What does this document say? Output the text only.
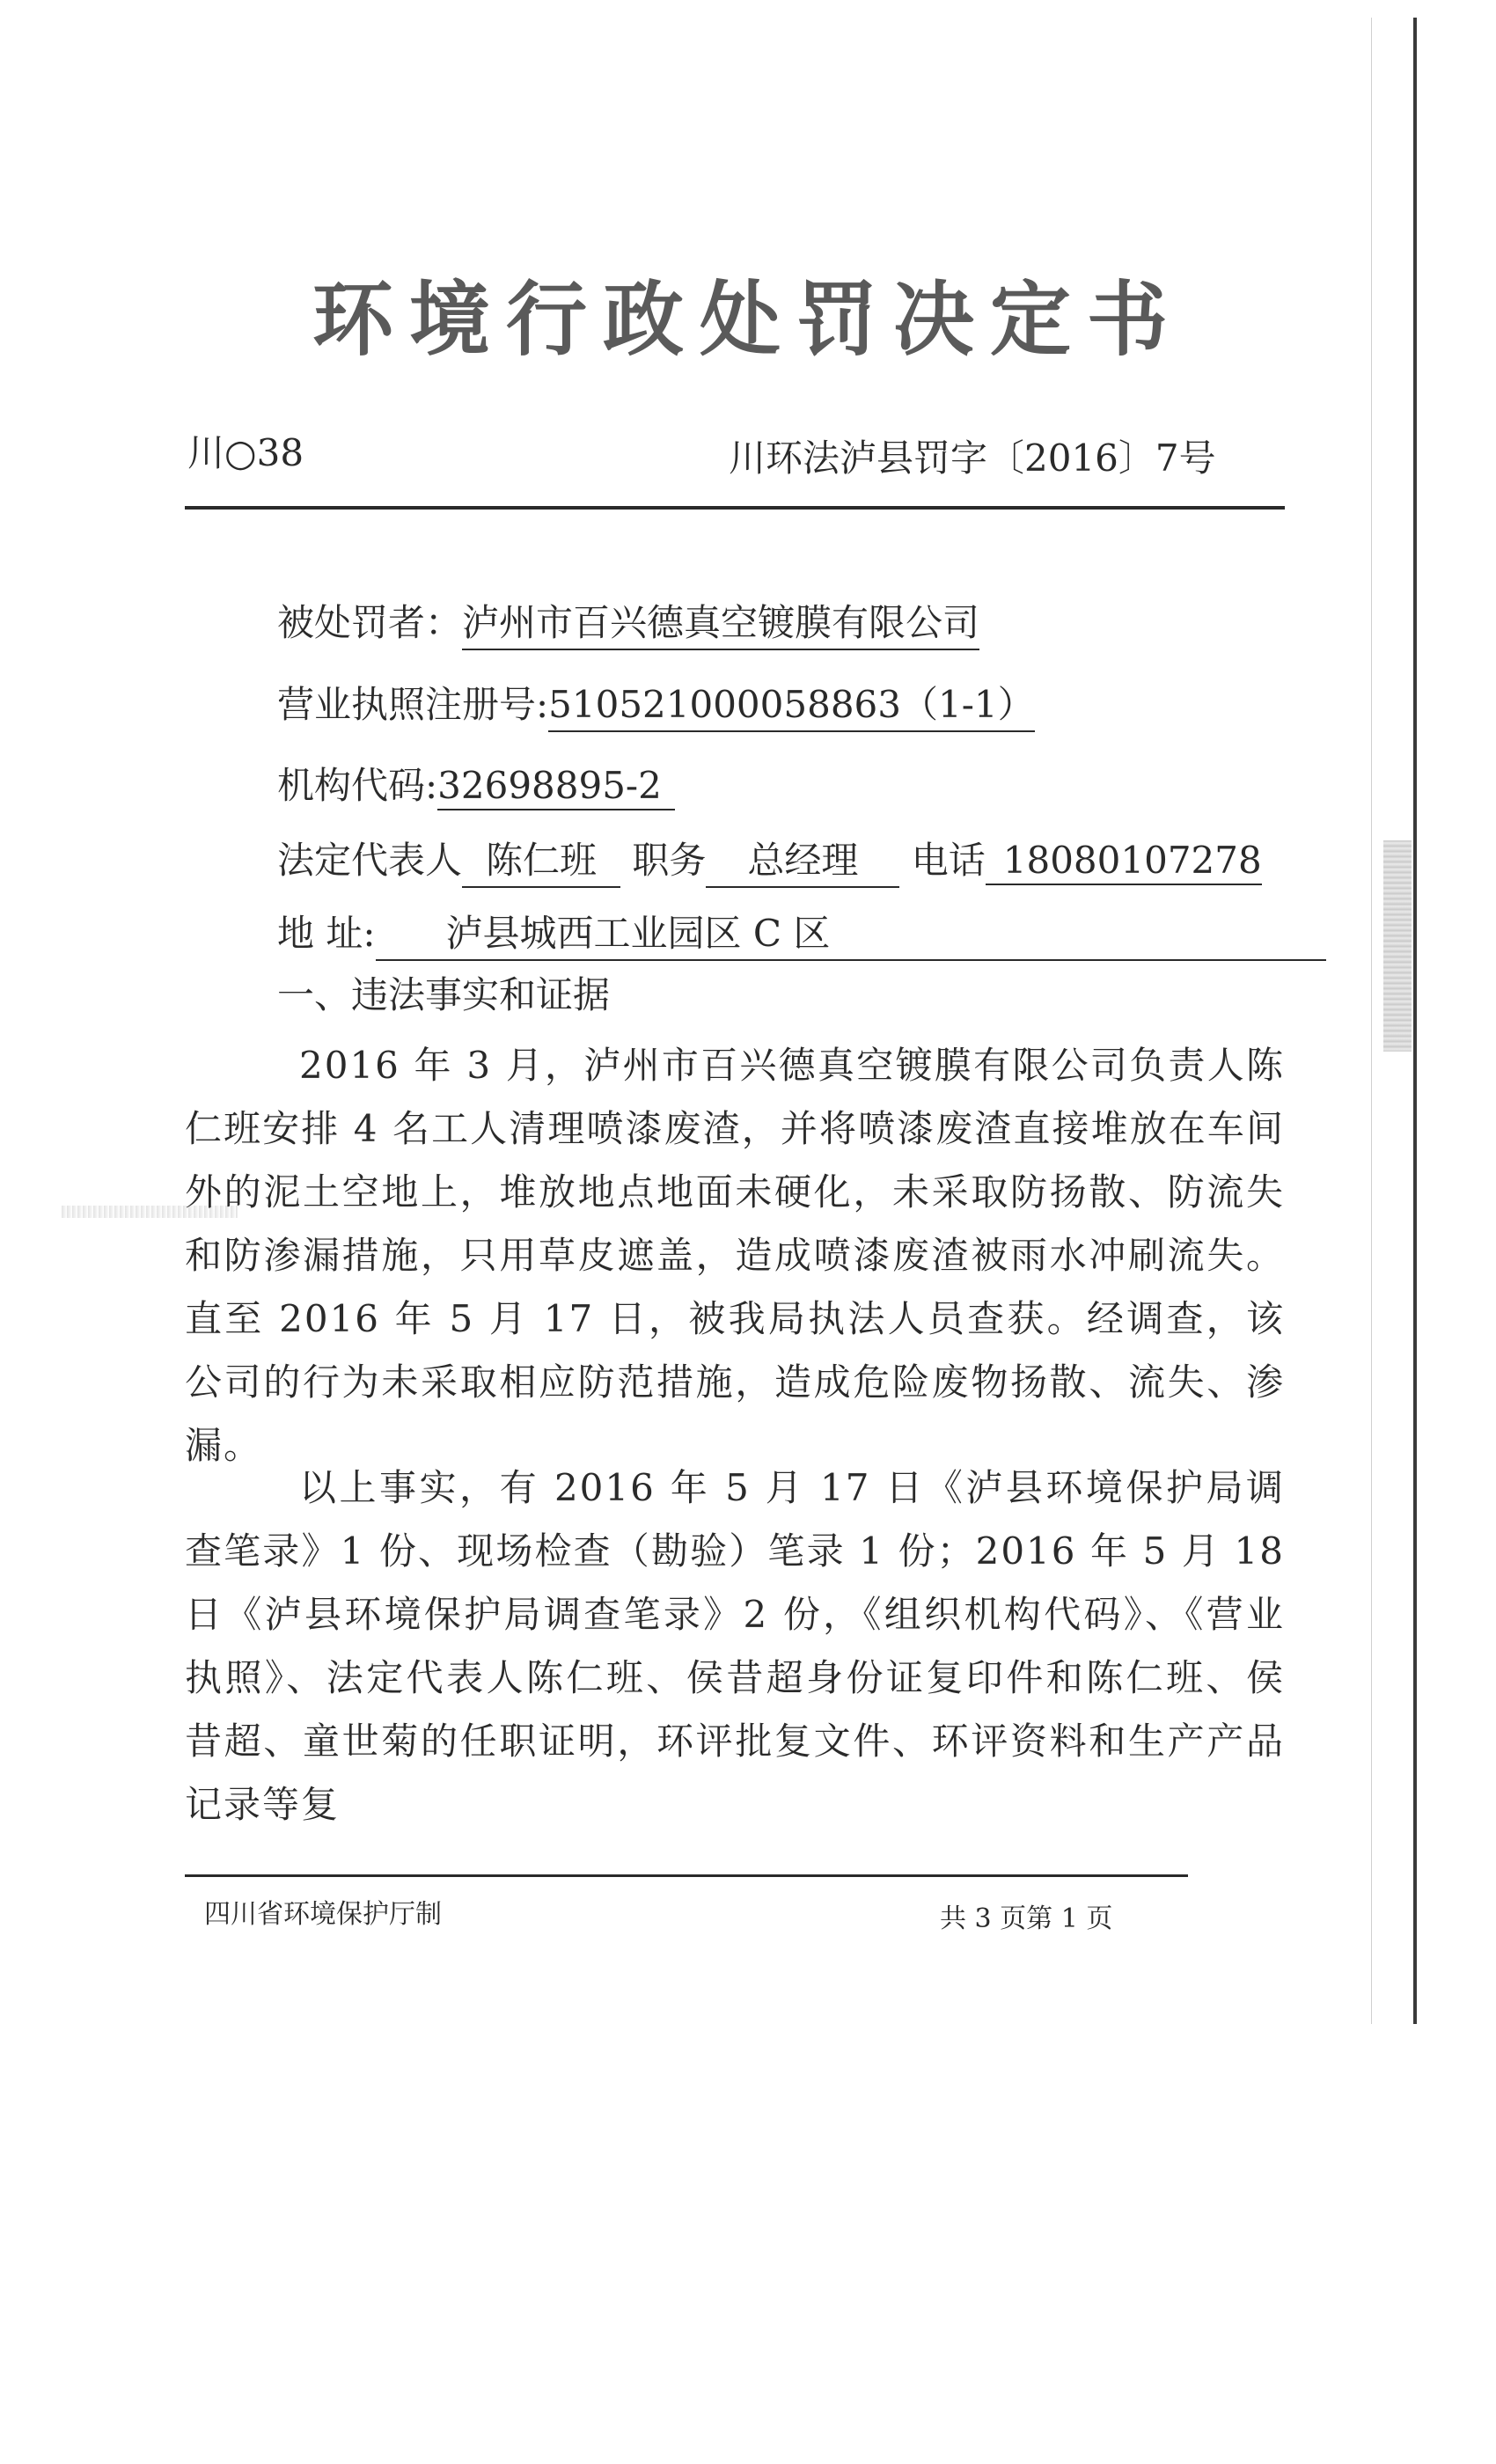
环境行政处罚决定书
川○38	川环法泸县罚字〔2016〕7号
被处罚者：泸州市百兴德真空镀膜有限公司
营业执照注册号:510521000058863（1-1）
机构代码:32698895-2
法定代表人 陈仁班 职务 总经理 电话 18080107278
地 址: 泸县城西工业园区 C 区
一、违法事实和证据
2016 年 3 月，泸州市百兴德真空镀膜有限公司负责人陈仁班安排 4 名工人清理喷漆废渣，并将喷漆废渣直接堆放在车间外的泥土空地上，堆放地点地面未硬化，未采取防扬散、防流失和防渗漏措施，只用草皮遮盖，造成喷漆废渣被雨水冲刷流失。直至 2016 年 5 月 17 日，被我局执法人员查获。经调查，该公司的行为未采取相应防范措施，造成危险废物扬散、流失、渗漏。
以上事实，有 2016 年 5 月 17 日《泸县环境保护局调查笔录》1 份、现场检查（勘验）笔录 1 份；2016 年 5 月 18 日《泸县环境保护局调查笔录》2 份，《组织机构代码》、《营业执照》、法定代表人陈仁班、侯昔超身份证复印件和陈仁班、侯昔超、童世菊的任职证明，环评批复文件、环评资料和生产产品记录等复
四川省环境保护厅制	共 3 页第 1 页
